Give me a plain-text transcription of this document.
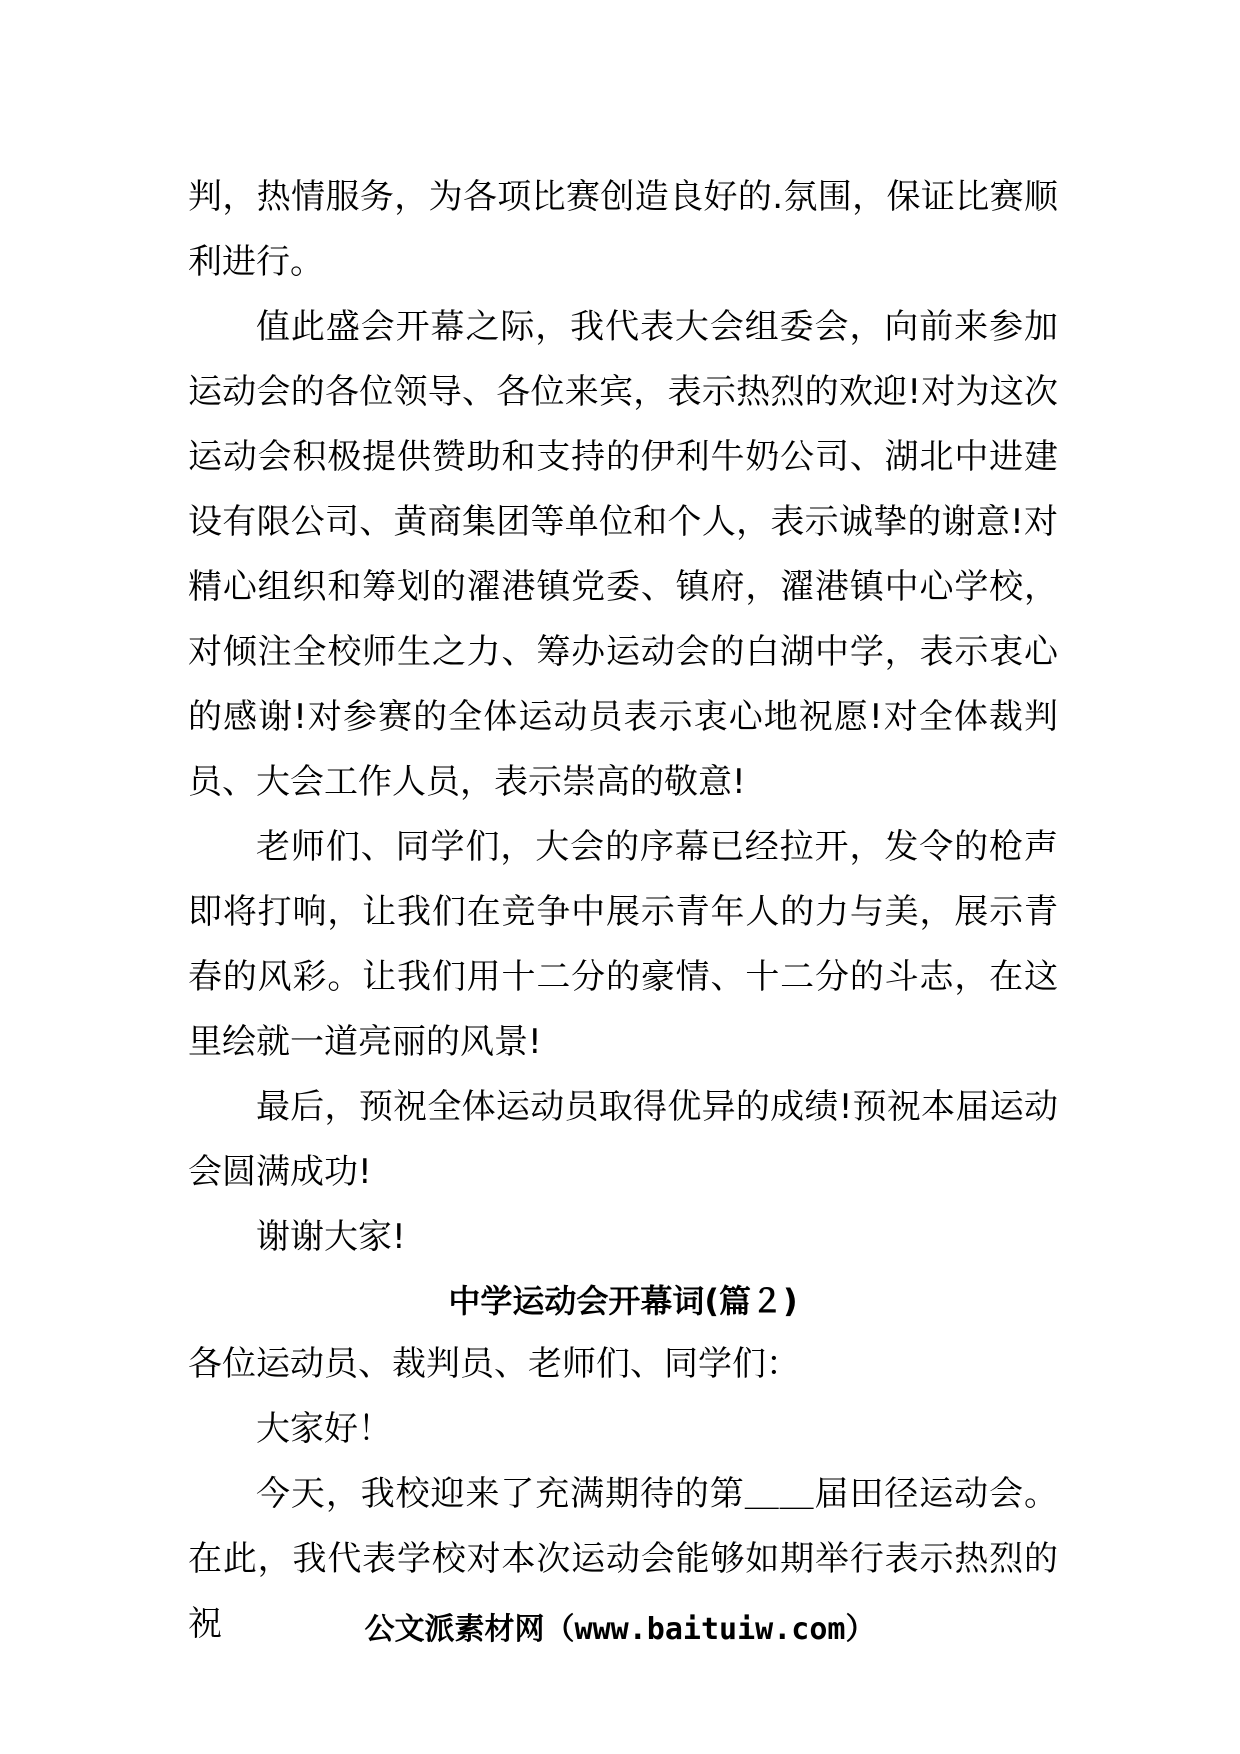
判，热情服务，为各项比赛创造良好的.氛围，保证比赛顺利进行。

值此盛会开幕之际，我代表大会组委会，向前来参加运动会的各位领导、各位来宾，表示热烈的欢迎!对为这次运动会积极提供赞助和支持的伊利牛奶公司、湖北中进建设有限公司、黄商集团等单位和个人，表示诚挚的谢意!对精心组织和筹划的濯港镇党委、镇府，濯港镇中心学校，对倾注全校师生之力、筹办运动会的白湖中学，表示衷心的感谢!对参赛的全体运动员表示衷心地祝愿!对全体裁判员、大会工作人员，表示崇高的敬意!

老师们、同学们，大会的序幕已经拉开，发令的枪声即将打响，让我们在竞争中展示青年人的力与美，展示青春的风彩。让我们用十二分的豪情、十二分的斗志，在这里绘就一道亮丽的风景!

最后，预祝全体运动员取得优异的成绩!预祝本届运动会圆满成功!

谢谢大家!

中学运动会开幕词(篇２)

各位运动员、裁判员、老师们、同学们：

大家好！

今天，我校迎来了充满期待的第＿＿届田径运动会。在此，我代表学校对本次运动会能够如期举行表示热烈的祝	公文派素材网（www.baituiw.com）
